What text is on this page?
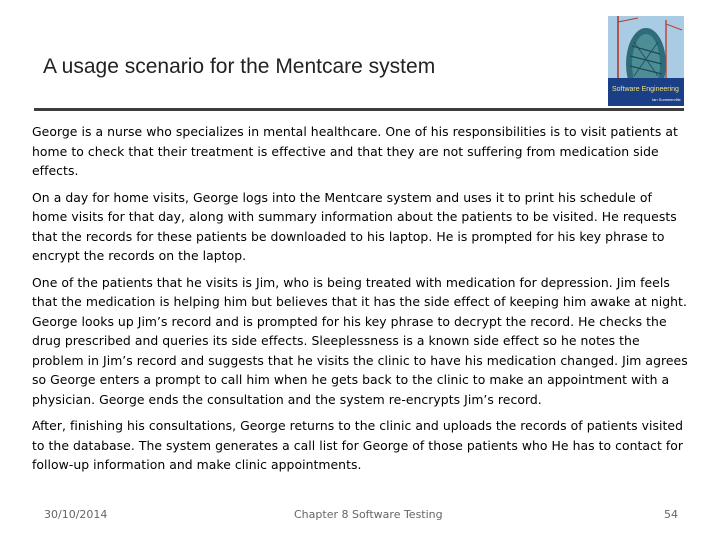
A usage scenario for the Mentcare system
Software Engineering
Ian Sommerville

George is a nurse who specializes in mental healthcare. One of his responsibilities is to visit patients at home to check that their treatment is effective and that they are not suffering from medication side effects.

On a day for home visits, George logs into the Mentcare system and uses it to print his schedule of home visits for that day, along with summary information about the patients to be visited. He requests that the records for these patients be downloaded to his laptop. He is prompted for his key phrase to encrypt the records on the laptop.

One of the patients that he visits is Jim, who is being treated with medication for depression. Jim feels that the medication is helping him but believes that it has the side effect of keeping him awake at night. George looks up Jim’s record and is prompted for his key phrase to decrypt the record. He checks the drug prescribed and queries its side effects. Sleeplessness is a known side effect so he notes the problem in Jim’s record and suggests that he visits the clinic to have his medication changed. Jim agrees so George enters a prompt to call him when he gets back to the clinic to make an appointment with a physician. George ends the consultation and the system re-encrypts Jim’s record.

After, finishing his consultations, George returns to the clinic and uploads the records of patients visited to the database. The system generates a call list for George of those patients who He has to contact for follow-up information and make clinic appointments.

30/10/2014	Chapter 8 Software Testing	54
